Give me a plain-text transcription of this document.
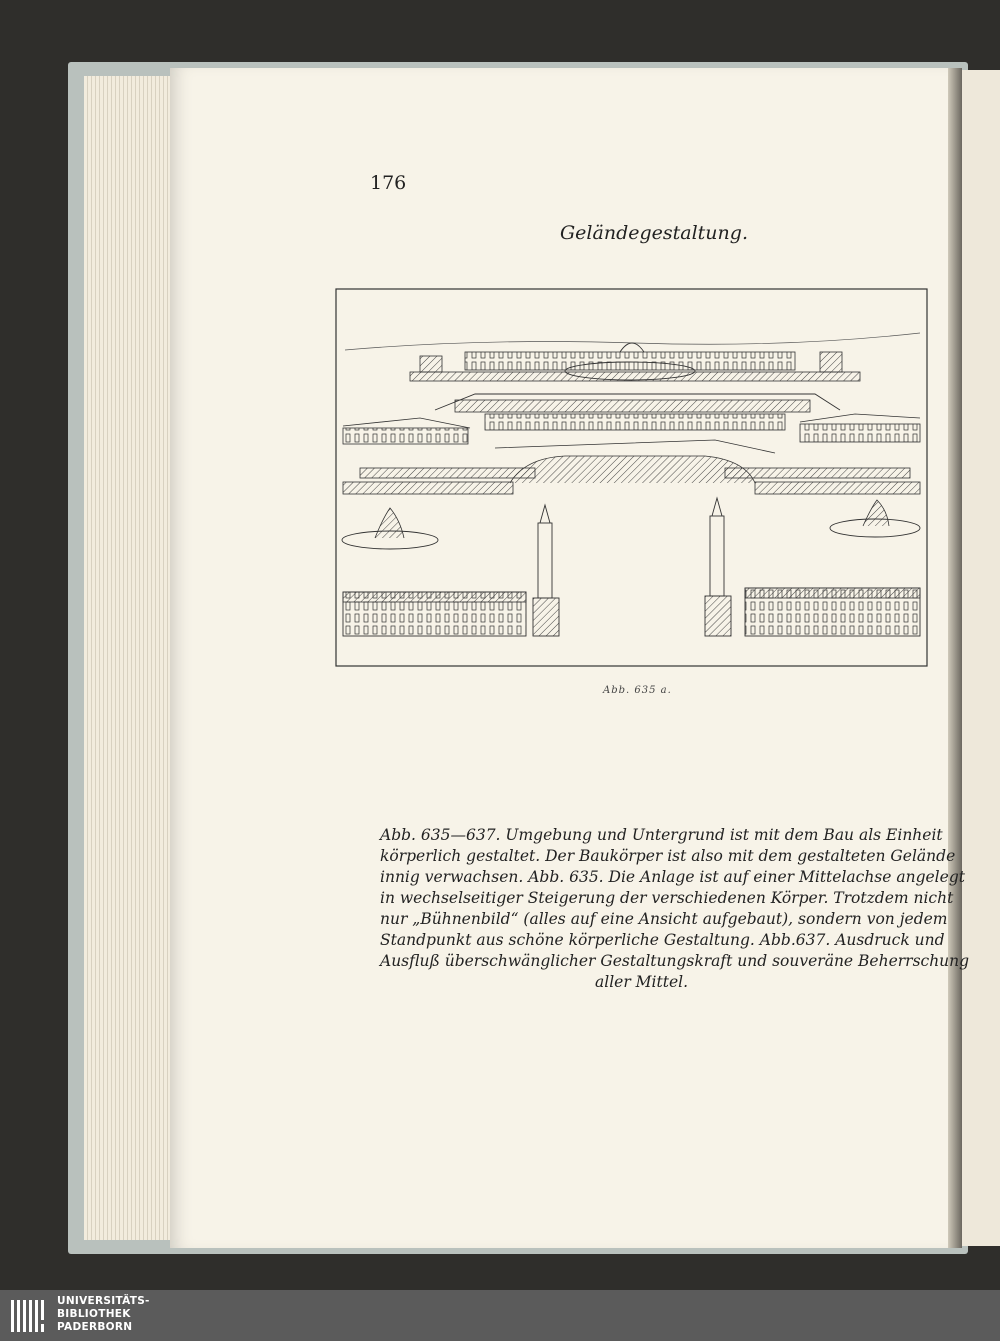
176
Geländegestaltung.
Abb. 635 a.
Abb. 635—637. Umgebung und Untergrund ist mit dem Bau als Einheit
körperlich gestaltet. Der Baukörper ist also mit dem gestalteten Gelände
innig verwachsen. Abb. 635. Die Anlage ist auf einer Mittelachse angelegt
in wechselseitiger Steigerung der verschiedenen Körper. Trotzdem nicht
nur „Bühnenbild“ (alles auf eine Ansicht aufgebaut), sondern von jedem
Standpunkt aus schöne körperliche Gestaltung. Abb.637. Ausdruck und
Ausfluß überschwänglicher Gestaltungskraft und souveräne Beherrschung
aller Mittel.
UNIVERSITÄTS-
BIBLIOTHEK
PADERBORN
